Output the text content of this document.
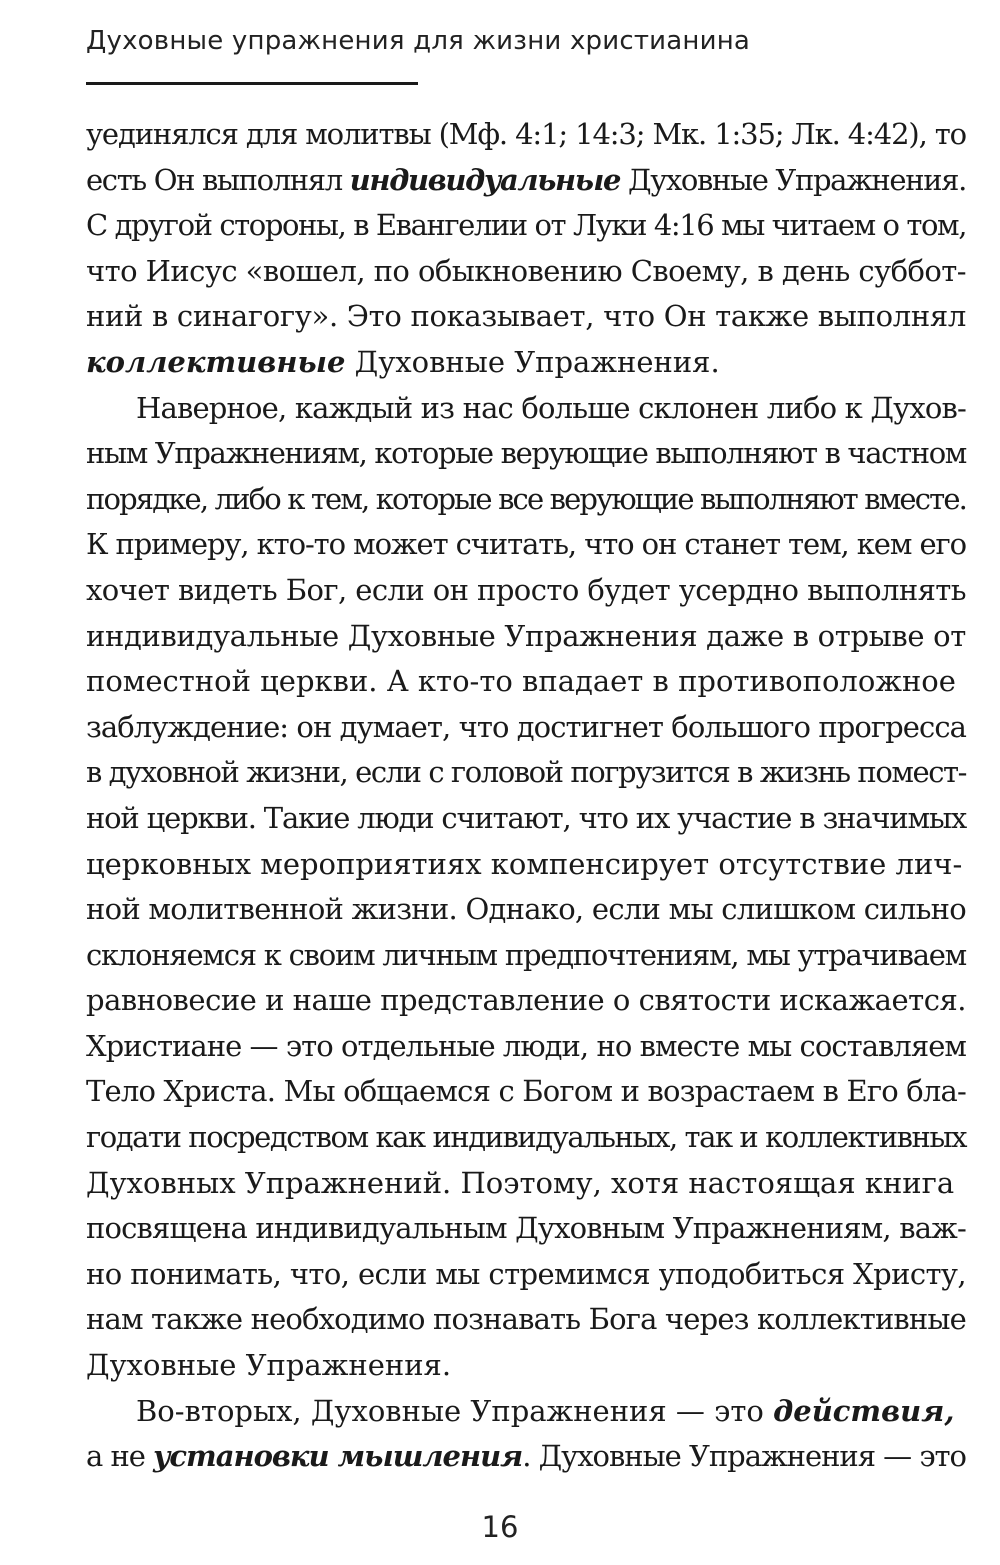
Духовные упражнения для жизни христианина

уединялся для молитвы (Мф. 4:1; 14:3; Мк. 1:35; Лк. 4:42), то
есть Он выполнял индивидуальные Духовные Упражнения.
С другой стороны, в Евангелии от Луки 4:16 мы читаем о том,
что Иисус «вошел, по обыкновению Своему, в день суббот-
ний в синагогу». Это показывает, что Он также выполнял
коллективные Духовные Упражнения.

Наверное, каждый из нас больше склонен либо к Духов-
ным Упражнениям, которые верующие выполняют в частном
порядке, либо к тем, которые все верующие выполняют вместе.
К примеру, кто-то может считать, что он станет тем, кем его
хочет видеть Бог, если он просто будет усердно выполнять
индивидуальные Духовные Упражнения даже в отрыве от
поместной церкви. А кто-то впадает в противоположное
заблуждение: он думает, что достигнет большого прогресса
в духовной жизни, если с головой погрузится в жизнь помест-
ной церкви. Такие люди считают, что их участие в значимых
церковных мероприятиях компенсирует отсутствие лич-
ной молитвенной жизни. Однако, если мы слишком сильно
склоняемся к своим личным предпочтениям, мы утрачиваем
равновесие и наше представление о святости искажается.
Христиане — это отдельные люди, но вместе мы составляем
Тело Христа. Мы общаемся с Богом и возрастаем в Его бла-
годати посредством как индивидуальных, так и коллективных
Духовных Упражнений. Поэтому, хотя настоящая книга
посвящена индивидуальным Духовным Упражнениям, важ-
но понимать, что, если мы стремимся уподобиться Христу,
нам также необходимо познавать Бога через коллективные
Духовные Упражнения.

Во-вторых, Духовные Упражнения — это действия,
а не установки мышления. Духовные Упражнения — это

16
